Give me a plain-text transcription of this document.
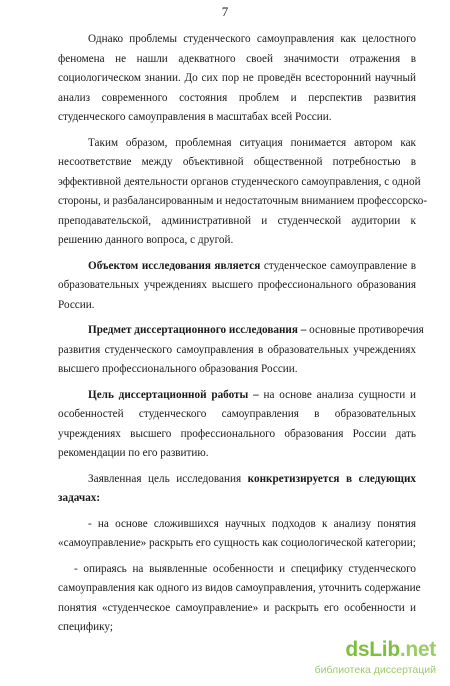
7
Однако проблемы студенческого самоуправления как целостного
феномена не нашли адекватного своей значимости отражения в
социологическом знании. До сих пор не проведён всесторонний научный
анализ современного состояния проблем и перспектив развития
студенческого самоуправления в масштабах всей России.
Таким образом, проблемная ситуация понимается автором как
несоответствие между объективной общественной потребностью в
эффективной деятельности органов студенческого самоуправления, с одной
стороны, и разбалансированным и недостаточным вниманием профессорско-
преподавательской, административной и студенческой аудитории к
решению данного вопроса, с другой.
Объектом исследования является студенческое самоуправление в
образовательных учреждениях высшего профессионального образования
России.
Предмет диссертационного исследования – основные противоречия
развития студенческого самоуправления в образовательных учреждениях
высшего профессионального образования России.
Цель диссертационной работы – на основе анализа сущности и
особенностей студенческого самоуправления в образовательных
учреждениях высшего профессионального образования России дать
рекомендации по его развитию.
Заявленная цель исследования конкретизируется в следующих
задачах:
- на основе сложившихся научных подходов к анализу понятия
«самоуправление» раскрыть его сущность как социологической категории;
- опираясь на выявленные особенности и специфику студенческого
самоуправления как одного из видов самоуправления, уточнить содержание
понятия «студенческое самоуправление» и раскрыть его особенности и
специфику;
dsLib.net
библиотека диссертаций
